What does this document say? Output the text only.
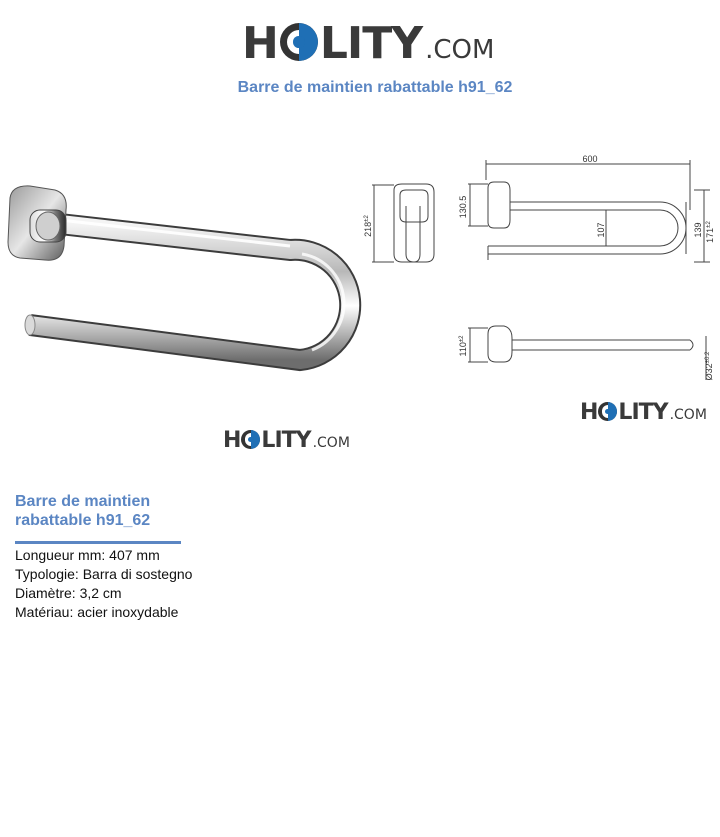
H LITY .COM
Barre de maintien rabattable h91_62
$218^{\pm 2}$
600
130.5
107	139 $171^{\pm 2}$
$110^{\pm 2}$
$Ø32^{\pm 0.2}$
H LITY .COM
H LITY .COM
Barre de maintien
rabattable h91_62
Longueur mm: 407 mm
Typologie: Barra di sostegno
Diamètre: 3,2 cm
Matériau: acier inoxydable
